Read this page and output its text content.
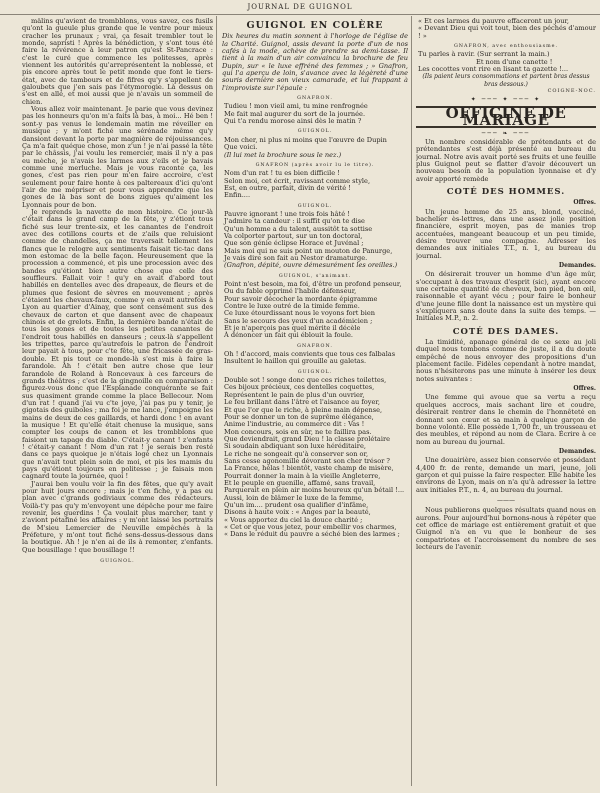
JOURNAL DE GUIGNOL

mâlins qu'avient de trombblons, vous savez, ces fusils qu'ont la gueule plus grande que le ventre pour mieux cracher les prunaux ; vrai, ça fesait trembler tout le monde, sapristi ! Après la bénédiction, y s'ont tous été faire la révérence à leur patron qu'est St-Pancrace : c'est le curé que commence les politesses, après viennent les autorités qu'arreprésentent la noblesse, et pis encore après tout le petit monde que font le tiers-état, avec de tambours et de fifres qu'y s'appellent de galoubets que j'en sais pas l'étymorogie. Là dessus on s'est en allé, et moi aussi que je n'avais un sommeil de chien.

Vous allez voir maintenant. Je parie que vous devinez pas les honneurs qu'on m'a faits là bas, à moi... Hé ben ! sont-y pas venus le lendemain matin me réveiller en musique ; y m'ont fiché une sérénade même qu'y dansiont devant la porte par magnière de réjouissances. Ça m'a fait quéque chose, mon z'un ! je n'ai passé la tête par le châssis, j'ai voulu les remercier, mais il n'y a pas eu mèche, je n'avais les larmes aux z'eils et je bavais comme une merluche. Mais je vous raconte ça, les gones, c'est pas rien pour m'en faire accroire, c'est seulement pour faire honte à ces paltereaux d'ici qu'ont l'air de me mépriser et pour vous apprendre que les gones de là bas sont de bons zigues qu'aiment les Lyonnais pour de bon.

Je reprends la navette de mon histoire. Ce jour-là c'était dans le grand camp de la fête, y z'étiont tous fiché sus leur trente-six, et les canantes de l'endroit avec des cotillons courts et de z'ails que reluisiont comme de chandelles, ça me traversait tellement les flancs que le relogre aux sentiments faisait tic-tac dans mon estomac de la belle façon. Heureusement que la procession a commencé, et pis une procession avec des bandes qu'étiont bien autre chose que celle des souffleurs. Fallait voir ! qu'y en avait d'abord tout habillés en dentelles avec des drapeaux, de fleurs et de plumes que fesiont de sèvres en mouvement ; après c'étaient les chevaux-faux, comme y en avait autrefois à Lyon au quartier d'Ainay, que sont censément sus des chevaux de carton et que dansent avec de chapeaux chinois et de grelots. Enfin, la dernière bande n'était de tous les gones et de toutes les petites canantes de l'endroit tous habillés en danseurs ; ceux-là s'appellent les tripettes, parce qu'autrefois le patron de l'endroit leur payait à tous, pour c'te fête, une fricassée de gras-double. Et pis tout ce monde-là s'est mis à faire la farandole. Ah ! c'était ben autre chose que leur farandole de Roland à Roncevaux à ces farceurs de grands théâtres ; c'est de la gingnoille en comparaison : figurez-vous donc que l'Esplanade conquérante se fait sus quasiment grande comme la place Bellecour. Nom d'un rat ! quand j'ai vu c'te joye, j'ai pas pu y tenir, je gigotais des guiboles ; ma foi je me lance, j'empoigne les mains de deux de ces gaillards, et hardi donc ! en avant la musique ! Et qu'elle était chenuse la musique, sans compter les coups de canon et les trombblons que faisiont un tapage du diable. C'était-y canant ! z'enfants ! c'était-y canant ! Nom d'un rat ! je serais ben resté dans ce pays quoique je n'étais logé chez un Lyonnais que n'avait tout plein soin de moi, et pis les mamis du pays qu'étiont toujours en politesse ; je faisais mon cagnard toute la journée, quoi !

J'aurai ben voulu voir la fin des fêtes, que qu'y avait pour huit jours encore ; mais je t'en fiche, y a pas eu plan avec c'grands godiviaux comme des rédacteurs. Voilà-t'y pas qu'y m'envoyent une dépêche pour me faire revenir, les guerdins ! Ça voulait plus marcher, tant y z'aviont pétafiné les affaires : y m'ont laissé les portraits de M'sieu Lemercier de Neuville empêchés à la Préfeture, y m'ont tout fiché sens-dessus-dessous dans la boutique. Ah ! je n'en ai de ils à remonter, z'enfants. Que bousillage ! que bousillage !!

GUIGNOL.
GUIGNOL EN COLÈRE

Dix heures du matin sonnent à l'horloge de l'église de la Charité. Guignol, assis devant la porte d'un de nos cafés à la mode, achève de prendre sa demi-tasse. Il tient à la main d'un air convaincu la brochure de feu Dupin, sur « le luxe effréné des femmes ; » Gnafron, qui l'a aperçu de loin, s'avance avec la légèreté d'une souris dernière son vieux camarade, et lui frappant à l'improviste sur l'épaule :

GNAFRON.
Tudieu ! mon vieil ami, tu mine renfrognée
Me fait mal augurer du sort de la journée.
Qui t'a rendu morose ainsi dès le matin ?
GUIGNOL.
Mon cher, ni plus ni moins que l'œuvre de Dupin
Que voici.
(Il lui met la brochure sous le nez.)
GNAFRON (après avoir lu le titre).
Nom d'un rat ! tu es bien difficile !
Selon moi, cet écrit, ravissant comme style,
Est, en outre, parfait, divin de vérité !
Enfin....
GUIGNOL.
Pauvre ignorant ! une trois fois hâté !
J'admire ta candeur : il suffit qu'on te dise
Qu'un homme a du talent, aussitôt ta sottise
Va colporter partout, sur un ton doctoral,
Que son génie éclipse Horace et Juvénal ;
Mais moi qui ne suis point un mouton de Panurge,
Je vais dire son fait au Nestor dramaturge.
(Gnafron, dépité, ouvre démesurément les oreilles.)
GUIGNOL, s'animant.
Point n'est besoin, ma foi, d'être un profond penseur,
Ou du fable opprimé l'habile défenseur,
Pour savoir décocher la mordante épigramme
Contre le luxe outré de la timide femme.
Ce luxe étourdissant nous le voyons fort bien
Sans le secours des yeux d'un académicien ;
Et je n'aperçois pas quel mérite il décèle
À dénoncer un fait qui éblouit la foule.
GNAFRON.
Oh ! d'accord, mais convients que tous ces falbalas
Insultent le haillon qui grouille au galetas.
GUIGNOL.
Double sot ! songe donc que ces riches toilettes,
Ces bijoux précieux, ces dentelles coquettes,
Représentent le pain de plus d'un ouvrier,
Le feu brillant dans l'âtre et l'aisance au foyer,
Et que l'or que le riche, à pleine main dépense,
Pour se donner un ton de suprême élégance,
Anime l'industrie, au commerce dit : Vas !
Mon concours, sois en sûr, ne te faillira pas.
Que deviendrait, grand Dieu ! la classe prolétaire
Si soudain abdiquant son luxe héréditaire,
Le riche ne songeait qu'à conserver son or,
Sans cesse agonomille dévorant son cher trésor ?
La France, hélas ! bientôt, vaste champ de misère,
Pourrait donner la main à la vieille Angleterre,
Et le peuple en guenille, affamé, sans travail,
Parquerait en plein air moins heureux qu'un bétail !...
Aussi, loin de blâmer le luxe de la femme,
Qu'un im.... prudent osa qualifier d'infâme,
Disons à haute voix : « Anges par la beauté,
« Vous apportez du ciel la douce charité ;
« Cet or que vous jetez, pour embellir vos charmes,
« Dans le réduit du pauvre a séché bien des larmes ;
« Et ces larmes du pauvre effaceront un jour,
« Devant Dieu qui voit tout, bien des péchés d'amour ! »
GNAFRON, avec enthousiasme.
Tu parles à ravir. (Sur serrant la main.)
Et nom d'une canette !
Les cocottes vont rire en lisant ta gazette !...

(Ils paient leurs consommations et partent bras dessus bras dessous.)

COIGNE-NOC.
✦ ─── ✦ ─── ✦
OFFICINE DE MARIAGE
─── ❧ ───

Un nombre considérable de prétendants et de prétendantes s'est déjà présenté au bureau du journal. Notre avis avait porté ses fruits et une feuille plus Guignol peut se flatter d'avoir découvert un nouveau besoin de la population lyonnaise et d'y avoir apporté remède

COTÉ DES HOMMES.
Offres.

Un jeune homme de 25 ans, blond, vacciné, bachelier ès-lettres, dans une assez jolie position financière, esprit moyen, pas de manies trop accentuées, mangeant beaucoup et un peu timide, désire trouver une compagne. Adresser les demandes aux initiales T.T., n. 1, au bureau du journal.

Demandes.

On désirerait trouver un homme d'un âge mûr, s'occupant à des travaux d'esprit (sic), ayant encore une certaine quantité de cheveux, bon pied, bon œil, raisonnable et ayant vécu ; pour faire le bonheur d'une jeune fille dont la naissance est un mystère qui s'expliquera sans doute dans la suite des temps. — Initiales M.P., n. 2.

COTÉ DES DAMES.

La timidité, apanage général de ce sexe au joli duquel nous tombons comme de juste, il a du doute empêché de nous envoyer des propositions d'un placement facile. Fidèles cependant à notre mandat, nous n'hésiterons pas une minute à insérer les deux notes suivantes :

Offres.

Une femme qui avoue que sa vertu a reçu quelques accrocs, mais sachant lire et coudre, désirerait rentrer dans le chemin de l'honnêteté en donnant son cœur et sa main à quelque garçon de bonne volonté. Elle possède 1,700 fr., un trousseau et des meubles, et répond au nom de Clara. Écrire à ce nom au bureau du journal.

Demandes.

Une douairière, assez bien conservée et possédant 4,400 fr. de rente, demande un mari, jeune, joli garçon et qui puisse la faire respecter. Elle habite les environs de Lyon, mais on n'a qu'à adresser la lettre aux initiales P.T., n. 4, au bureau du journal.

———

Nous publierons quelques résultats quand nous en aurons. Pour aujourd'hui bornons-nous à répéter que cet office de mariage est entièrement gratuit et que Guignol n'a en vu que le bonheur de ses compatriotes et l'accroissement du nombre de ses lecteurs de l'avenir.
